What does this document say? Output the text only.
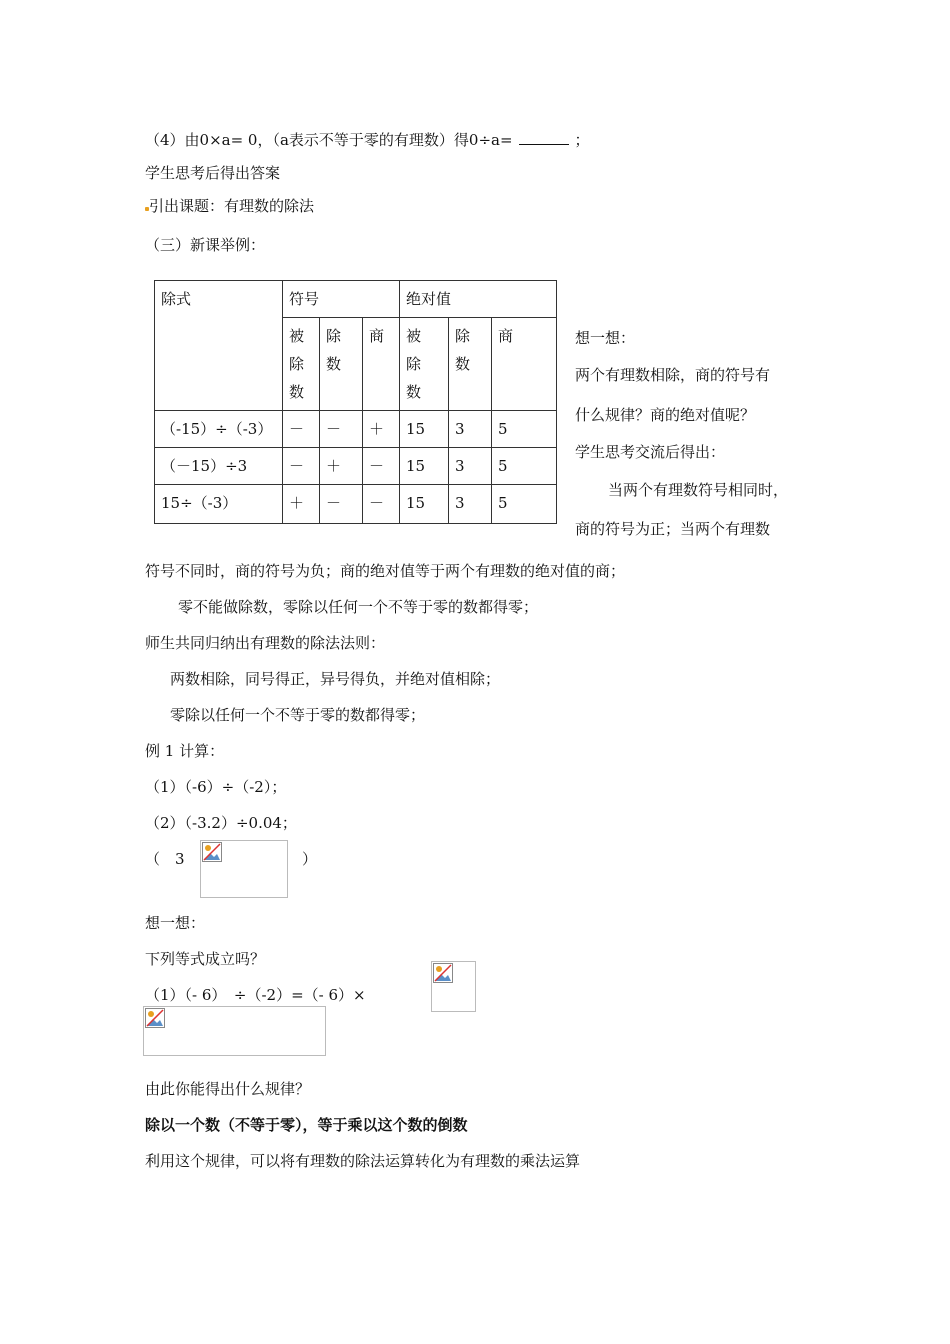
（4）由0×a= 0，（a表示不等于零的有理数）得0÷a=	；
学生思考后得出答案
引出课题：有理数的除法
（三）新课举例：
除式	符号			绝对值		
	被
除
数	除
数	商	被
除
数	除
数	商
（-15）÷（-3）	－	－	＋	15	3	5
（－15）÷3	－	＋	－	15	3	5
15÷（-3）	＋	－	－	15	3	5
想一想：
两个有理数相除，商的符号有
什么规律？商的绝对值呢？
学生思考交流后得出：
当两个有理数符号相同时，
商的符号为正；当两个有理数
符号不同时，商的符号为负；商的绝对值等于两个有理数的绝对值的商；
零不能做除数，零除以任何一个不等于零的数都得零；
师生共同归纳出有理数的除法法则：
两数相除，同号得正，异号得负，并绝对值相除；
零除以任何一个不等于零的数都得零；
例 1 计算：
（1）（-6）÷（-2）；
（2）（-3.2）÷0.04；
（　3	）
想一想：
下列等式成立吗？
（1）（- 6）　÷（-2）=（- 6）×
由此你能得出什么规律？
除以一个数（不等于零），等于乘以这个数的倒数
利用这个规律，可以将有理数的除法运算转化为有理数的乘法运算
